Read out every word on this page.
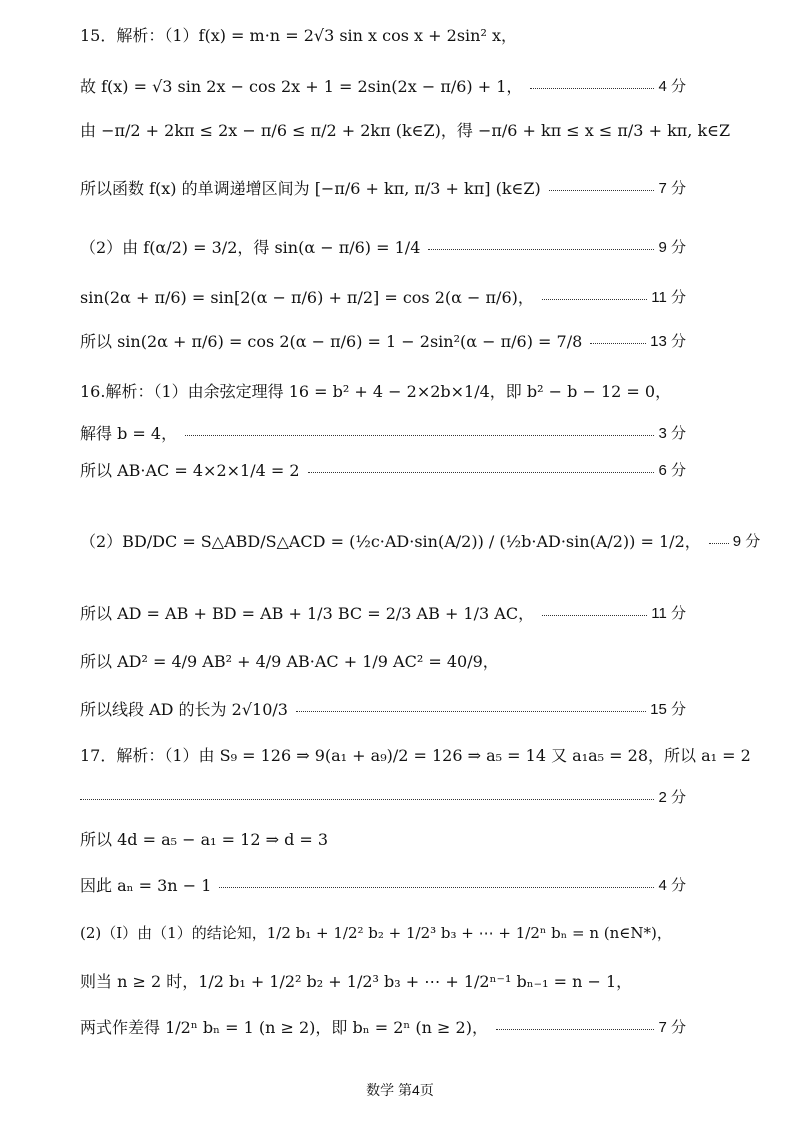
15．解析：（1）f(x) = m·n = 2√3 sin x cos x + 2sin² x，
故 f(x) = √3 sin 2x − cos 2x + 1 = 2sin(2x − π/6) + 1，	4 分
由 −π/2 + 2kπ ≤ 2x − π/6 ≤ π/2 + 2kπ (k∈Z)，得 −π/6 + kπ ≤ x ≤ π/3 + kπ, k∈Z
所以函数 f(x) 的单调递增区间为 [−π/6 + kπ, π/3 + kπ] (k∈Z)	7 分
（2）由 f(α/2) = 3/2，得 sin(α − π/6) = 1/4	9 分
sin(2α + π/6) = sin[2(α − π/6) + π/2] = cos 2(α − π/6)，	11 分
所以 sin(2α + π/6) = cos 2(α − π/6) = 1 − 2sin²(α − π/6) = 7/8	13 分
16.解析：（1）由余弦定理得 16 = b² + 4 − 2×2b×1/4，即 b² − b − 12 = 0，
解得 b = 4，	3 分
所以 AB·AC = 4×2×1/4 = 2	6 分
（2）BD/DC = S△ABD/S△ACD = (½c·AD·sin(A/2)) / (½b·AD·sin(A/2)) = 1/2， 9 分
所以 AD = AB + BD = AB + 1/3 BC = 2/3 AB + 1/3 AC，	11 分
所以 AD² = 4/9 AB² + 4/9 AB·AC + 1/9 AC² = 40/9，
所以线段 AD 的长为 2√10/3	15 分
17．解析：（1）由 S₉ = 126 ⇒ 9(a₁ + a₉)/2 = 126 ⇒ a₅ = 14 又 a₁a₅ = 28，所以 a₁ = 2
2 分
所以 4d = a₅ − a₁ = 12 ⇒ d = 3
因此 aₙ = 3n − 1	4 分
(2)（I）由（1）的结论知，1/2 b₁ + 1/2² b₂ + 1/2³ b₃ + ⋯ + 1/2ⁿ bₙ = n (n∈N*)，
则当 n ≥ 2 时，1/2 b₁ + 1/2² b₂ + 1/2³ b₃ + ⋯ + 1/2ⁿ⁻¹ bₙ₋₁ = n − 1，
两式作差得 1/2ⁿ bₙ = 1 (n ≥ 2)，即 bₙ = 2ⁿ (n ≥ 2)，	7 分
数学 第4页
